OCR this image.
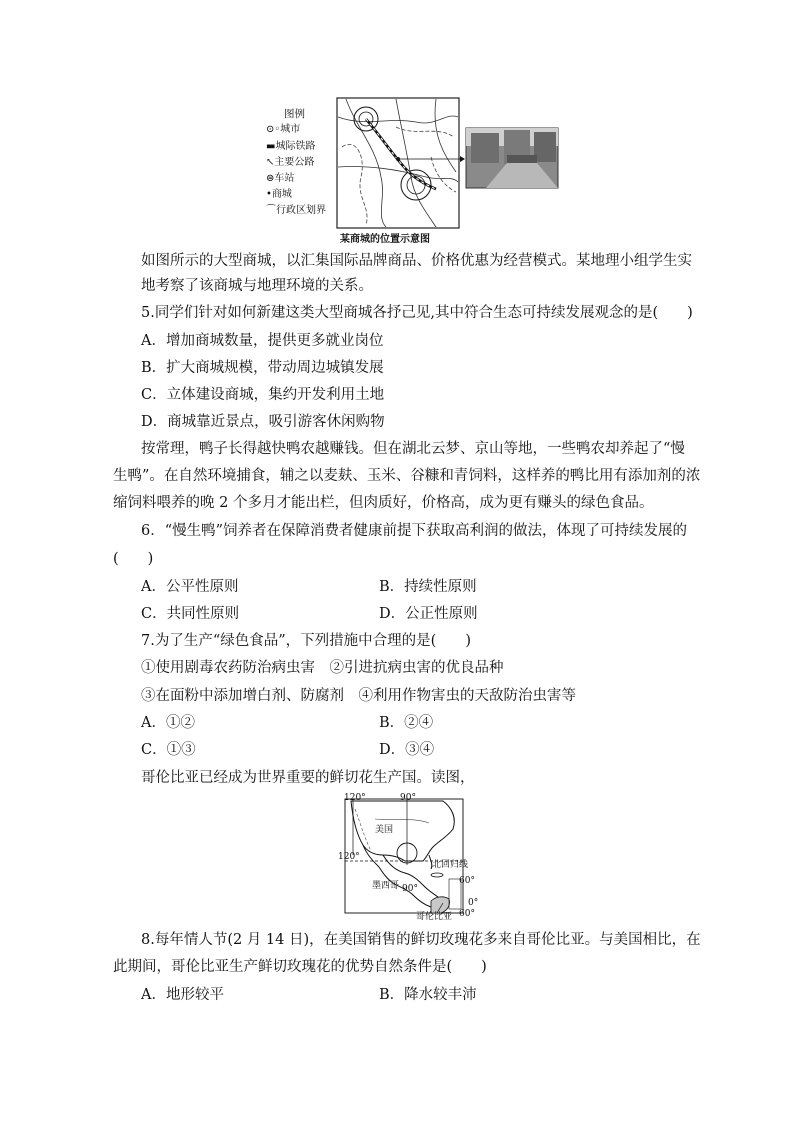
图例
⊙◦城市
▬城际铁路
↖主要公路
⊜车站
•商城
⌒行政区划界
某商城的位置示意图
如图所示的大型商城，以汇集国际品牌商品、价格优惠为经营模式。某地理小组学生实
地考察了该商城与地理环境的关系。
5.同学们针对如何新建这类大型商城各抒己见,其中符合生态可持续发展观念的是(　　)
A．增加商城数量，提供更多就业岗位
B．扩大商城规模，带动周边城镇发展
C．立体建设商城，集约开发利用土地
D．商城靠近景点，吸引游客休闲购物
按常理，鸭子长得越快鸭农越赚钱。但在湖北云梦、京山等地，一些鸭农却养起了“慢
生鸭”。在自然环境捕食，辅之以麦麸、玉米、谷糠和青饲料，这样养的鸭比用有添加剂的浓
缩饲料喂养的晚 2 个多月才能出栏，但肉质好，价格高，成为更有赚头的绿色食品。
6．“慢生鸭”饲养者在保障消费者健康前提下获取高利润的做法，体现了可持续发展的
(　　)
A．公平性原则	B．持续性原则
C．共同性原则	D．公正性原则
7.为了生产“绿色食品”，下列措施中合理的是(　　)
①使用剧毒农药防治病虫害　②引进抗病虫害的优良品种
③在面粉中添加增白剂、防腐剂　④利用作物害虫的天敌防治虫害等
A．①②	B．②④
C．①③	D．③④
哥伦比亚已经成为世界重要的鲜切花生产国。读图，
120°	90°
美国
120°
北回归线
墨西哥 90°
60°
0°
哥伦比亚 60°
8.每年情人节(2 月 14 日)，在美国销售的鲜切玫瑰花多来自哥伦比亚。与美国相比，在
此期间，哥伦比亚生产鲜切玫瑰花的优势自然条件是(　　)
A．地形较平	B．降水较丰沛
